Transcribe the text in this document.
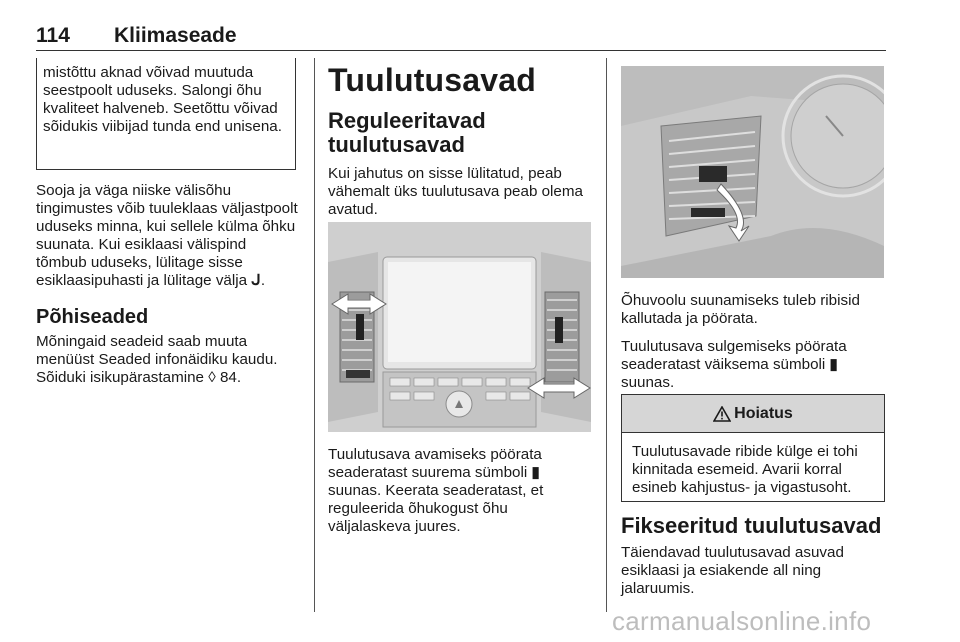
114 Kliimaseade
mistõttu aknad võivad muutuda seestpoolt uduseks. Salongi õhu kvaliteet halveneb. Seetõttu võivad sõidukis viibijad tunda end unisena.

Sooja ja väga niiske välisõhu tingimustes võib tuuleklaas väljastpoolt uduseks minna, kui sellele külma õhku suunata. Kui esiklaasi välispind tõmbub uduseks, lülitage sisse esiklaasipuhasti ja lülitage välja ᒍ.

Põhiseaded

Mõningaid seadeid saab muuta menüüst Seaded infonäidiku kaudu. Sõiduki isikupärastamine ◊ 84.

Tuulutusavad
Reguleeritavad tuulutusavad
Kui jahutus on sisse lülitatud, peab vähemalt üks tuulutusava peab olema avatud.
Tuulutusava avamiseks pöörata seaderatast suurema sümboli ▮ suunas. Keerata seaderatast, et reguleerida õhukogust õhu väljalaskeva juures.

Õhuvoolu suunamiseks tuleb ribisid kallutada ja pöörata.

Tuulutusava sulgemiseks pöörata seaderatast väiksema sümboli ▮ suunas.

Hoiatus
Tuulutusavade ribide külge ei tohi kinnitada esemeid. Avarii korral esineb kahjustus- ja vigastusoht.
Fikseeritud tuulutusavad
Täiendavad tuulutusavad asuvad esiklaasi ja esiakende all ning jalaruumis.
carmanualsonline.info
